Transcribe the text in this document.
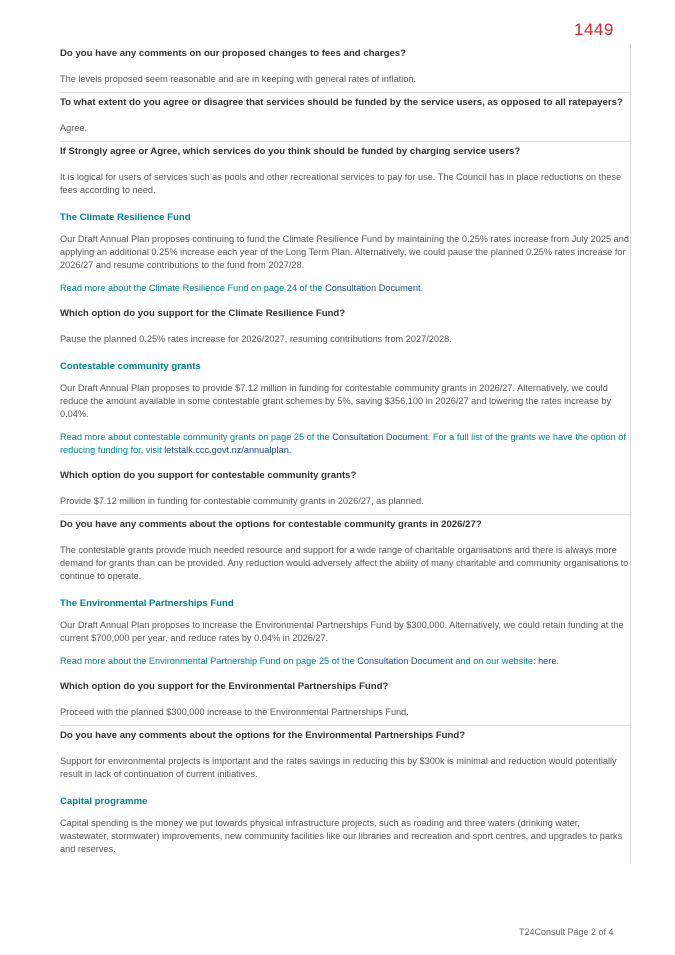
1449

Do you have any comments on our proposed changes to fees and charges?

The levels proposed seem reasonable and are in keeping with general rates of inflation.

To what extent do you agree or disagree that services should be funded by the service users, as opposed to all ratepayers?

Agree.

If Strongly agree or Agree, which services do you think should be funded by charging service users?

It is logical for users of services such as pools and other recreational services to pay for use. The Council has in place reductions on these fees according to need.

The Climate Resilience Fund

Our Draft Annual Plan proposes continuing to fund the Climate Resilience Fund by maintaining the 0.25% rates increase from July 2025 and applying an additional 0.25% increase each year of the Long Term Plan. Alternatively, we could pause the planned 0.25% rates increase for 2026/27 and resume contributions to the fund from 2027/28.

Read more about the Climate Resilience Fund on page 24 of the Consultation Document.

Which option do you support for the Climate Resilience Fund?

Pause the planned 0.25% rates increase for 2026/2027, resuming contributions from 2027/2028.

Contestable community grants

Our Draft Annual Plan proposes to provide $7.12 million in funding for contestable community grants in 2026/27. Alternatively, we could reduce the amount available in some contestable grant schemes by 5%, saving $356,100 in 2026/27 and lowering the rates increase by 0.04%.

Read more about contestable community grants on page 25 of the Consultation Document. For a full list of the grants we have the option of reducing funding for, visit letstalk.ccc.govt.nz/annualplan.

Which option do you support for contestable community grants?

Provide $7.12 million in funding for contestable community grants in 2026/27, as planned.

Do you have any comments about the options for contestable community grants in 2026/27?

The contestable grants provide much needed resource and support for a wide range of charitable organisations and there is always more demand for grants than can be provided. Any reduction would adversely affect the ability of many charitable and community organisations to continue to operate.

The Environmental Partnerships Fund

Our Draft Annual Plan proposes to increase the Environmental Partnerships Fund by $300,000. Alternatively, we could retain funding at the current $700,000 per year, and reduce rates by 0.04% in 2026/27.

Read more about the Environmental Partnership Fund on page 25 of the Consultation Document and on our website: here.

Which option do you support for the Environmental Partnerships Fund?

Proceed with the planned $300,000 increase to the Environmental Partnerships Fund.

Do you have any comments about the options for the Environmental Partnerships Fund?

Support for environmental projects is important and the rates savings in reducing this by $300k is minimal and reduction would potentially result in lack of continuation of current initiatives.

Capital programme

Capital spending is the money we put towards physical infrastructure projects, such as roading and three waters (drinking water, wastewater, stormwater) improvements, new community facilities like our libraries and recreation and sport centres, and upgrades to parks and reserves.

T24Consult Page 2 of 4
